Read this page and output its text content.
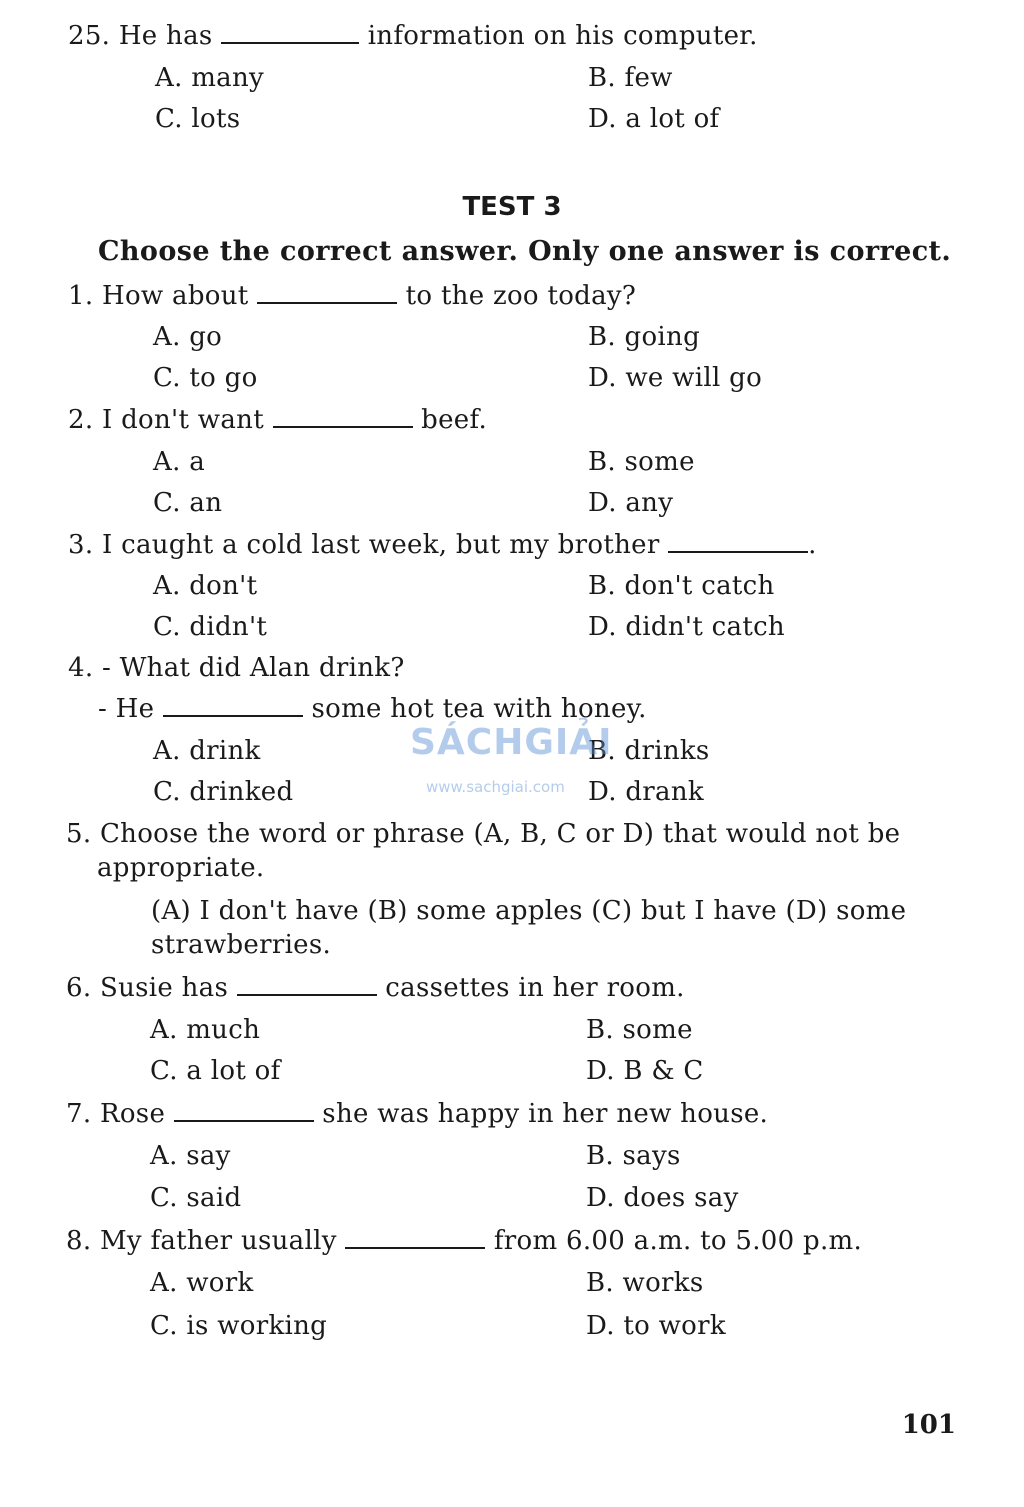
25. He has	information on his computer.
A. many	B. few
C. lots	D. a lot of
TEST 3
Choose the correct answer. Only one answer is correct.
1. How about	to the zoo today?
A. go	B. going
C. to go	D. we will go
2. I don't want	beef.
A. a	B. some
C. an	D. any
3. I caught a cold last week, but my brother	.
A. don't	B. don't catch
C. didn't	D. didn't catch
4. - What did Alan drink?
- He	some hot tea with honey.
A. drink	B. drinks
C. drinked	D. drank
5. Choose the word or phrase (A, B, C or D) that would not be
appropriate.
(A) I don't have (B) some apples (C) but I have (D) some
strawberries.
6. Susie has	cassettes in her room.
A. much	B. some
C. a lot of	D. B & C
7. Rose	she was happy in her new house.
A. say	B. says
C. said	D. does say
8. My father usually	from 6.00 a.m. to 5.00 p.m.
A. work	B. works
C. is working	D. to work
SÁCHGIẢI
www.sachgiai.com
101
